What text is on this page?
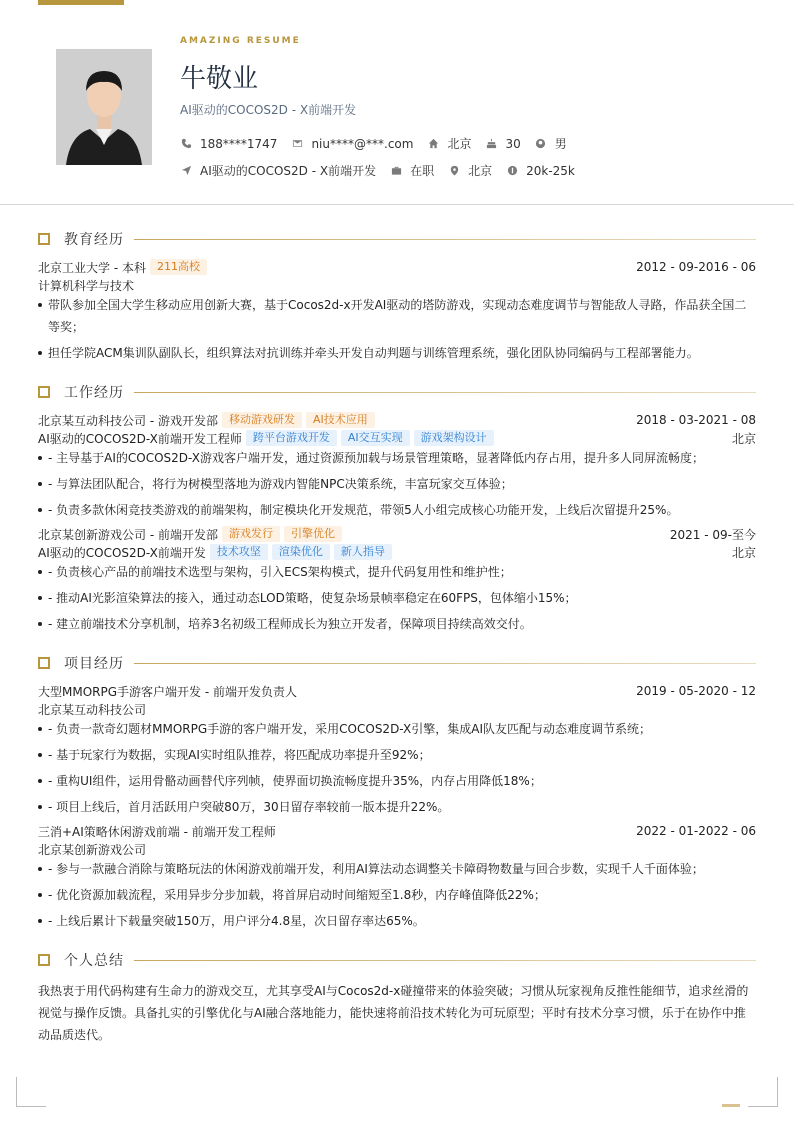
AMAZING RESUME
牛敬业
AI驱动的COCOS2D - X前端开发
188****1747	niu****@***.com	北京	30	男
AI驱动的COCOS2D - X前端开发	在职	北京	20k-25k
教育经历
北京工业大学 - 本科	211高校	2012 - 09-2016 - 06
计算机科学与技术
带队参加全国大学生移动应用创新大赛，基于Cocos2d-x开发AI驱动的塔防游戏，实现动态难度调节与智能敌人寻路，作品获全国二等奖；
担任学院ACM集训队副队长，组织算法对抗训练并牵头开发自动判题与训练管理系统，强化团队协同编码与工程部署能力。
工作经历
北京某互动科技公司 - 游戏开发部	移动游戏研发	AI技术应用	2018 - 03-2021 - 08
AI驱动的COCOS2D-X前端开发工程师	跨平台游戏开发	AI交互实现	游戏架构设计	北京
- 主导基于AI的COCOS2D-X游戏客户端开发，通过资源预加载与场景管理策略，显著降低内存占用，提升多人同屏流畅度；
- 与算法团队配合，将行为树模型落地为游戏内智能NPC决策系统，丰富玩家交互体验；
- 负责多款休闲竞技类游戏的前端架构，制定模块化开发规范，带领5人小组完成核心功能开发，上线后次留提升25%。
北京某创新游戏公司 - 前端开发部	游戏发行	引擎优化	2021 - 09-至今
AI驱动的COCOS2D-X前端开发	技术攻坚	渲染优化	新人指导	北京
- 负责核心产品的前端技术选型与架构，引入ECS架构模式，提升代码复用性和维护性；
- 推动AI光影渲染算法的接入，通过动态LOD策略，使复杂场景帧率稳定在60FPS，包体缩小15%；
- 建立前端技术分享机制，培养3名初级工程师成长为独立开发者，保障项目持续高效交付。
项目经历
大型MMORPG手游客户端开发 - 前端开发负责人	2019 - 05-2020 - 12
北京某互动科技公司
- 负责一款奇幻题材MMORPG手游的客户端开发，采用COCOS2D-X引擎，集成AI队友匹配与动态难度调节系统；
- 基于玩家行为数据，实现AI实时组队推荐，将匹配成功率提升至92%；
- 重构UI组件，运用骨骼动画替代序列帧，使界面切换流畅度提升35%，内存占用降低18%；
- 项目上线后，首月活跃用户突破80万，30日留存率较前一版本提升22%。
三消+AI策略休闲游戏前端 - 前端开发工程师	2022 - 01-2022 - 06
北京某创新游戏公司
- 参与一款融合消除与策略玩法的休闲游戏前端开发，利用AI算法动态调整关卡障碍物数量与回合步数，实现千人千面体验；
- 优化资源加载流程，采用异步分步加载，将首屏启动时间缩短至1.8秒，内存峰值降低22%；
- 上线后累计下载量突破150万，用户评分4.8星，次日留存率达65%。
个人总结
我热衷于用代码构建有生命力的游戏交互，尤其享受AI与Cocos2d-x碰撞带来的体验突破；习惯从玩家视角反推性能细节，追求丝滑的视觉与操作反馈。具备扎实的引擎优化与AI融合落地能力，能快速将前沿技术转化为可玩原型；平时有技术分享习惯，乐于在协作中推动品质迭代。
